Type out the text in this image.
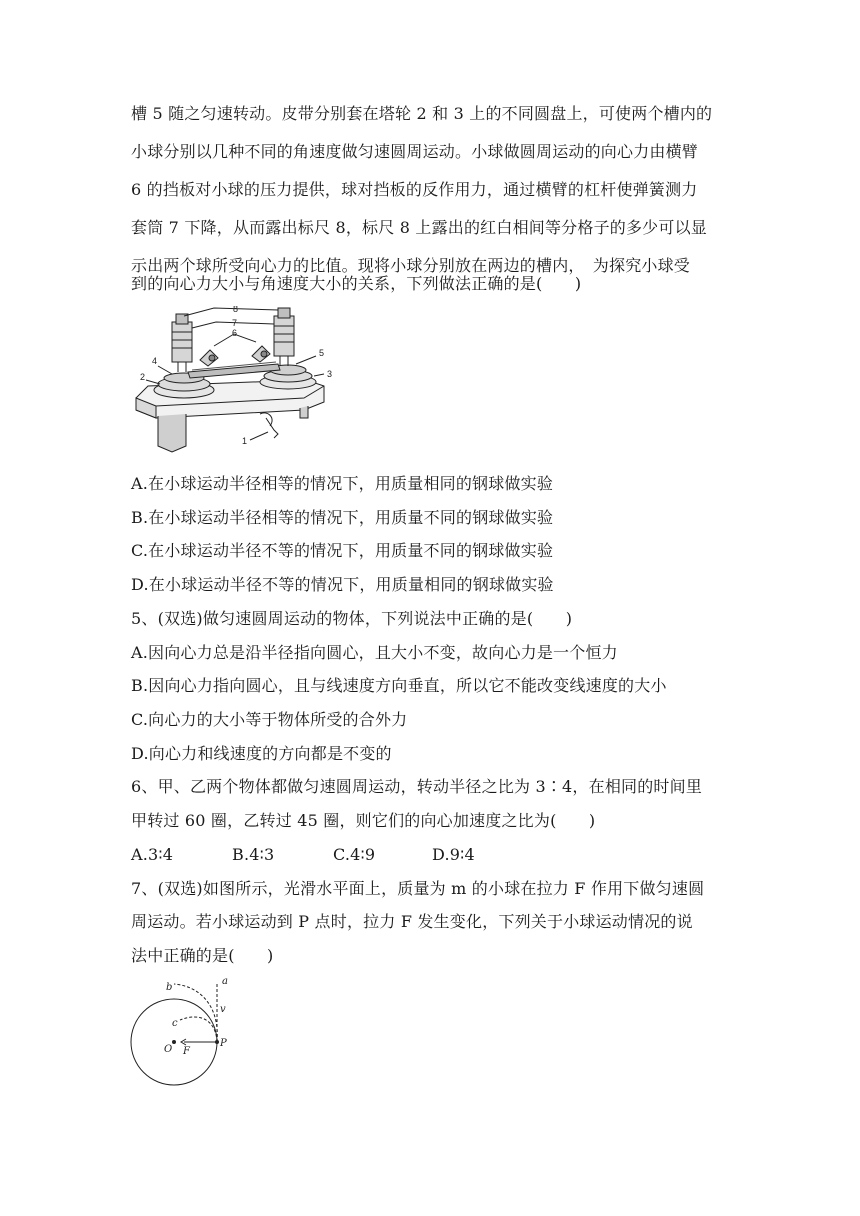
槽 5 随之匀速转动。皮带分别套在塔轮 2 和 3 上的不同圆盘上，可使两个槽内的
小球分别以几种不同的角速度做匀速圆周运动。小球做圆周运动的向心力由横臂
6 的挡板对小球的压力提供，球对挡板的反作用力，通过横臂的杠杆使弹簧测力
套筒 7 下降，从而露出标尺 8，标尺 8 上露出的红白相间等分格子的多少可以显
示出两个球所受向心力的比值。现将小球分别放在两边的槽内，　为探究小球受
到的向心力大小与角速度大小的关系，下列做法正确的是(　　)
8
7
6
5
4
3
2
1
A.在小球运动半径相等的情况下，用质量相同的钢球做实验
B.在小球运动半径相等的情况下，用质量不同的钢球做实验
C.在小球运动半径不等的情况下，用质量不同的钢球做实验
D.在小球运动半径不等的情况下，用质量相同的钢球做实验
5、(双选)做匀速圆周运动的物体，下列说法中正确的是(　　)
A.因向心力总是沿半径指向圆心，且大小不变，故向心力是一个恒力
B.因向心力指向圆心，且与线速度方向垂直，所以它不能改变线速度的大小
C.向心力的大小等于物体所受的合外力
D.向心力和线速度的方向都是不变的
6、甲、乙两个物体都做匀速圆周运动，转动半径之比为 3∶4，在相同的时间里
甲转过 60 圈，乙转过 45 圈，则它们的向心加速度之比为(　　)
A.3∶4	B.4∶3	C.4∶9	D.9∶4
7、(双选)如图所示，光滑水平面上，质量为 m 的小球在拉力 F 作用下做匀速圆
周运动。若小球运动到 P 点时，拉力 F 发生变化，下列关于小球运动情况的说
法中正确的是(　　)
a
b
c
v
O F
P
